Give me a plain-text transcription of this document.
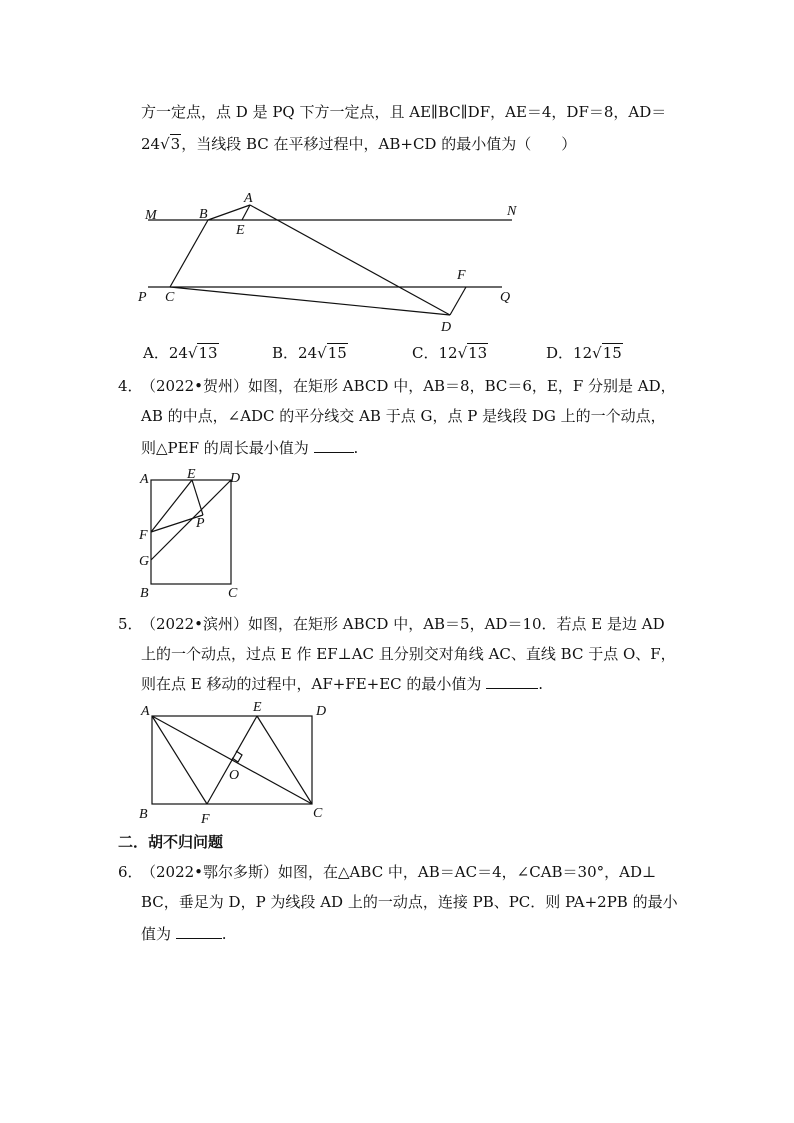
方一定点，点 D 是 PQ 下方一定点，且 AE∥BC∥DF，AE＝4，DF＝8，AD＝
24√3，当线段 BC 在平移过程中，AB+CD 的最小值为（　　）
M	B
A
E
N
P C
F
Q
D
A	E D
F
P
G
B	C
A	E	D
O
B	F	C
A．24√13	B．24√15	C．12√13	D．12√15
4．
（2022•贺州）如图，在矩形 ABCD 中，AB＝8，BC＝6，E，F 分别是 AD，
AB 的中点，∠ADC 的平分线交 AB 于点 G，点 P 是线段 DG 上的一个动点，
则△PEF 的周长最小值为	.
5．
（2022•滨州）如图，在矩形 ABCD 中，AB＝5，AD＝10．若点 E 是边 AD
上的一个动点，过点 E 作 EF⊥AC 且分别交对角线 AC、直线 BC 于点 O、F，
则在点 E 移动的过程中，AF+FE+EC 的最小值为	.
二．胡不归问题
6．
（2022•鄂尔多斯）如图，在△ABC 中，AB＝AC＝4，∠CAB＝30°，AD⊥
BC，垂足为 D，P 为线段 AD 上的一动点，连接 PB、PC．则 PA+2PB 的最小
值为	.
